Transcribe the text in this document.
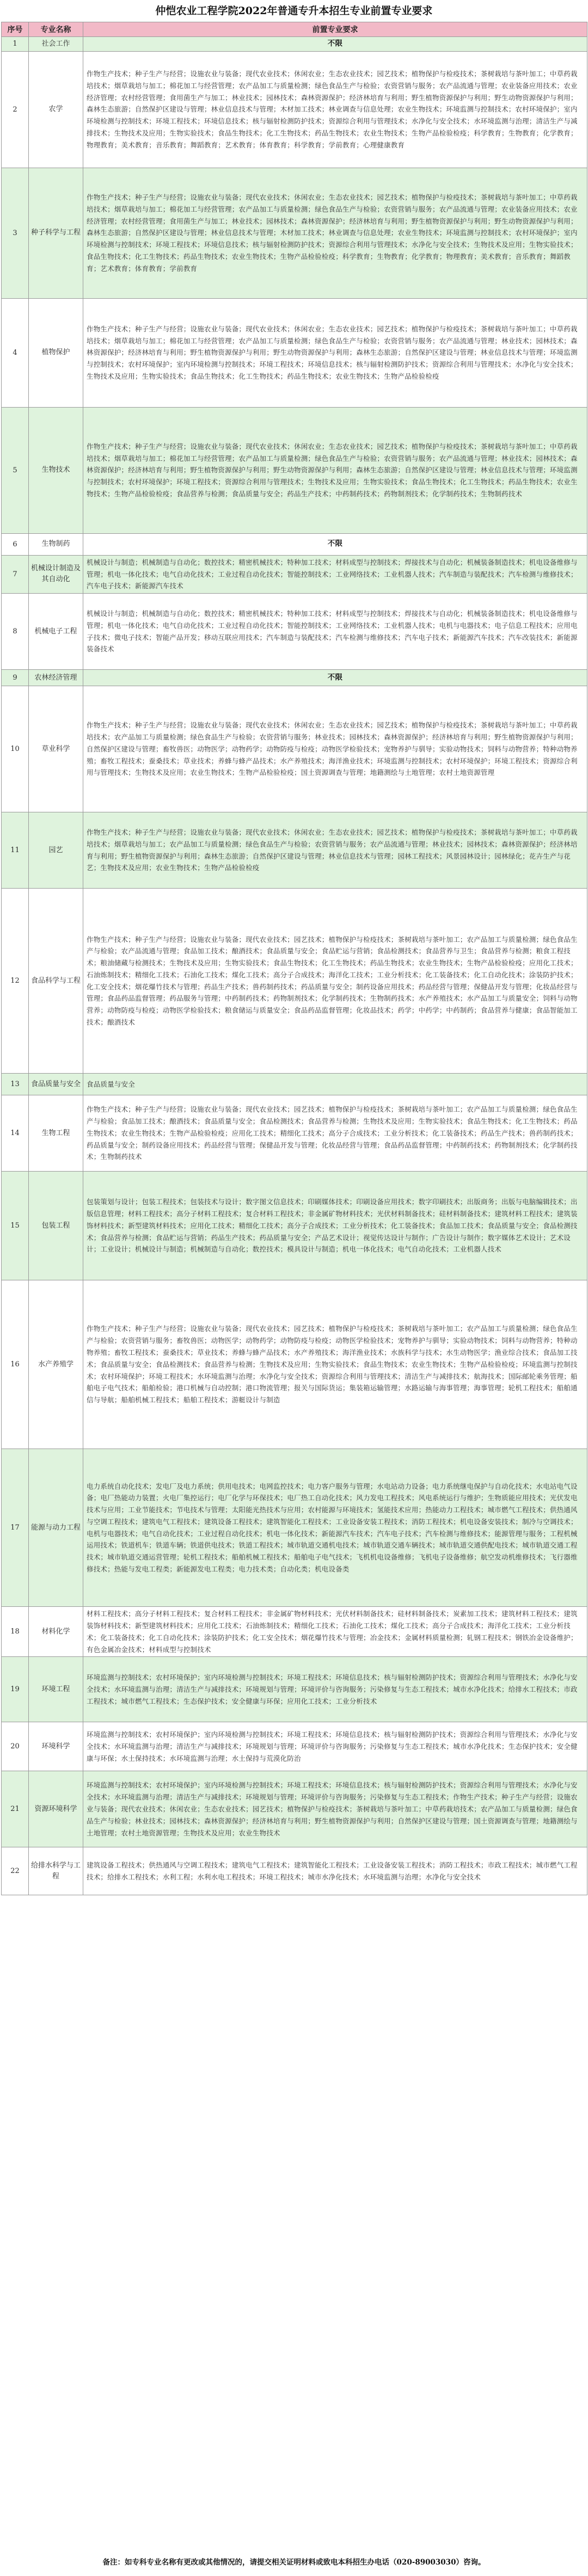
仲恺农业工程学院2022年普通专升本招生专业前置专业要求
序号	专业名称	前置专业要求
1	社会工作	不限
2	农学	作物生产技术；种子生产与经营；设施农业与装备；现代农业技术；休闲农业；生态农业技术；园艺技术；植物保护与检疫技术；茶树栽培与茶叶加工；中草药栽培技术；烟草栽培与加工；棉花加工与经营管理；农产品加工与质量检测；绿色食品生产与检验；农资营销与服务；农产品流通与管理；农业装备应用技术；农业经济管理；农村经营管理；食用菌生产与加工；林业技术；园林技术；森林资源保护；经济林培育与利用；野生植物资源保护与利用；野生动物资源保护与利用；森林生态旅游；自然保护区建设与管理；林业信息技术与管理；木材加工技术；林业调查与信息处理；农业生物技术；环境监测与控制技术；农村环境保护；室内环境检测与控制技术；环境工程技术；环境信息技术；核与辐射检测防护技术；资源综合利用与管理技术；水净化与安全技术；水环境监测与治理；清洁生产与减排技术；生物技术及应用；生物实验技术；食品生物技术；化工生物技术；药品生物技术；农业生物技术；生物产品检验检疫；科学教育；生物教育；化学教育；物理教育；美术教育；音乐教育；舞蹈教育；艺术教育；体育教育；科学教育；学前教育；心理健康教育
3	种子科学与工程	作物生产技术；种子生产与经营；设施农业与装备；现代农业技术；休闲农业；生态农业技术；园艺技术；植物保护与检疫技术；茶树栽培与茶叶加工；中草药栽培技术；烟草栽培与加工；棉花加工与经营管理；农产品加工与质量检测；绿色食品生产与检验；农资营销与服务；农产品流通与管理；农业装备应用技术；农业经济管理；农村经营管理；食用菌生产与加工；林业技术；园林技术；森林资源保护；经济林培育与利用；野生植物资源保护与利用；野生动物资源保护与利用；森林生态旅游；自然保护区建设与管理；林业信息技术与管理；木材加工技术；林业调查与信息处理；农业生物技术；环境监测与控制技术；农村环境保护；室内环境检测与控制技术；环境工程技术；环境信息技术；核与辐射检测防护技术；资源综合利用与管理技术；水净化与安全技术；生物技术及应用；生物实验技术；食品生物技术；化工生物技术；药品生物技术；农业生物技术；生物产品检验检疫；科学教育；生物教育；化学教育；物理教育；美术教育；音乐教育；舞蹈教育；艺术教育；体育教育；学前教育
4	植物保护	作物生产技术；种子生产与经营；设施农业与装备；现代农业技术；休闲农业；生态农业技术；园艺技术；植物保护与检疫技术；茶树栽培与茶叶加工；中草药栽培技术；烟草栽培与加工；棉花加工与经营管理；农产品加工与质量检测；绿色食品生产与检验；农资营销与服务；农产品流通与管理；林业技术；园林技术；森林资源保护；经济林培育与利用；野生植物资源保护与利用；野生动物资源保护与利用；森林生态旅游；自然保护区建设与管理；林业信息技术与管理；环境监测与控制技术；农村环境保护；室内环境检测与控制技术；环境工程技术；环境信息技术；核与辐射检测防护技术；资源综合利用与管理技术；水净化与安全技术；生物技术及应用；生物实验技术；食品生物技术；化工生物技术；药品生物技术；农业生物技术；生物产品检验检疫
5	生物技术	作物生产技术；种子生产与经营；设施农业与装备；现代农业技术；休闲农业；生态农业技术；园艺技术；植物保护与检疫技术；茶树栽培与茶叶加工；中草药栽培技术；烟草栽培与加工；棉花加工与经营管理；农产品加工与质量检测；绿色食品生产与检验；农资营销与服务；农产品流通与管理；林业技术；园林技术；森林资源保护；经济林培育与利用；野生植物资源保护与利用；野生动物资源保护与利用；森林生态旅游；自然保护区建设与管理；林业信息技术与管理；环境监测与控制技术；农村环境保护；环境工程技术；资源综合利用与管理技术；生物技术及应用；生物实验技术；食品生物技术；化工生物技术；药品生物技术；农业生物技术；生物产品检验检疫；食品营养与检测；食品质量与安全；药品生产技术；中药制药技术；药物制剂技术；化学制药技术；生物制药技术
6	生物制药	不限
7	机械设计制造及其自动化	机械设计与制造；机械制造与自动化；数控技术；精密机械技术；特种加工技术；材料成型与控制技术；焊接技术与自动化；机械装备制造技术；机电设备维修与管理；机电一体化技术；电气自动化技术；工业过程自动化技术；智能控制技术；工业网络技术；工业机器人技术；汽车制造与装配技术；汽车检测与维修技术；汽车电子技术；新能源汽车技术
8	机械电子工程	机械设计与制造；机械制造与自动化；数控技术；精密机械技术；特种加工技术；材料成型与控制技术；焊接技术与自动化；机械装备制造技术；机电设备维修与管理；机电一体化技术；电气自动化技术；工业过程自动化技术；智能控制技术；工业网络技术；工业机器人技术；电机与电器技术；电子信息工程技术；应用电子技术；微电子技术；智能产品开发；移动互联应用技术；汽车制造与装配技术；汽车检测与维修技术；汽车电子技术；新能源汽车技术；汽车改装技术；新能源装备技术
9	农林经济管理	不限
10	草业科学	作物生产技术；种子生产与经营；设施农业与装备；现代农业技术；休闲农业；生态农业技术；园艺技术；植物保护与检疫技术；茶树栽培与茶叶加工；中草药栽培技术；农产品加工与质量检测；绿色食品生产与检验；农资营销与服务；林业技术；园林技术；森林资源保护；经济林培育与利用；野生植物资源保护与利用；自然保护区建设与管理；畜牧兽医；动物医学；动物药学；动物防疫与检疫；动物医学检验技术；宠物养护与驯导；实验动物技术；饲料与动物营养；特种动物养殖；畜牧工程技术；蚕桑技术；草业技术；养蜂与蜂产品技术；水产养殖技术；海洋渔业技术；环境监测与控制技术；农村环境保护；环境工程技术；资源综合利用与管理技术；生物技术及应用；农业生物技术；生物产品检验检疫；国土资源调查与管理；地籍测绘与土地管理；农村土地资源管理
11	园艺	作物生产技术；种子生产与经营；设施农业与装备；现代农业技术；休闲农业；生态农业技术；园艺技术；植物保护与检疫技术；茶树栽培与茶叶加工；中草药栽培技术；烟草栽培与加工；农产品加工与质量检测；绿色食品生产与检验；农资营销与服务；农产品流通与管理；林业技术；园林技术；森林资源保护；经济林培育与利用；野生植物资源保护与利用；森林生态旅游；自然保护区建设与管理；林业信息技术与管理；园林工程技术；风景园林设计；园林绿化；花卉生产与花艺；生物技术及应用；农业生物技术；生物产品检验检疫
12	食品科学与工程	作物生产技术；种子生产与经营；设施农业与装备；现代农业技术；园艺技术；植物保护与检疫技术；茶树栽培与茶叶加工；农产品加工与质量检测；绿色食品生产与检验；农产品流通与管理；食品加工技术；酿酒技术；食品质量与安全；食品贮运与营销；食品检测技术；食品营养与卫生；食品营养与检测；粮食工程技术；粮油储藏与检测技术；生物技术及应用；生物实验技术；食品生物技术；化工生物技术；药品生物技术；农业生物技术；生物产品检验检疫；应用化工技术；石油炼制技术；精细化工技术；石油化工技术；煤化工技术；高分子合成技术；海洋化工技术；工业分析技术；化工装备技术；化工自动化技术；涂装防护技术；化工安全技术；烟花爆竹技术与管理；药品生产技术；兽药制药技术；药品质量与安全；制药设备应用技术；药品经营与管理；保健品开发与管理；化妆品经营与管理；食品药品监督管理；药品服务与管理；中药制药技术；药物制剂技术；化学制药技术；生物制药技术；水产养殖技术；水产品加工与质量安全；饲料与动物营养；动物防疫与检疫；动物医学检验技术；粮食储运与质量安全；食品药品监督管理；化妆品技术；药学；中药学；中药制药；食品营养与健康；食品智能加工技术；酿酒技术
13	食品质量与安全	食品质量与安全
14	生物工程	作物生产技术；种子生产与经营；设施农业与装备；现代农业技术；园艺技术；植物保护与检疫技术；茶树栽培与茶叶加工；农产品加工与质量检测；绿色食品生产与检验；食品加工技术；酿酒技术；食品质量与安全；食品检测技术；食品营养与检测；生物技术及应用；生物实验技术；食品生物技术；化工生物技术；药品生物技术；农业生物技术；生物产品检验检疫；应用化工技术；精细化工技术；高分子合成技术；工业分析技术；化工装备技术；药品生产技术；兽药制药技术；药品质量与安全；制药设备应用技术；药品经营与管理；保健品开发与管理；化妆品经营与管理；食品药品监督管理；中药制药技术；药物制剂技术；化学制药技术；生物制药技术
15	包装工程	包装策划与设计；包装工程技术；包装技术与设计；数字图文信息技术；印刷媒体技术；印刷设备应用技术；数字印刷技术；出版商务；出版与电脑编辑技术；出版信息管理；材料工程技术；高分子材料工程技术；复合材料工程技术；非金属矿物材料技术；光伏材料制备技术；硅材料制备技术；建筑材料工程技术；建筑装饰材料技术；新型建筑材料技术；应用化工技术；精细化工技术；高分子合成技术；工业分析技术；化工装备技术；食品加工技术；食品质量与安全；食品检测技术；食品营养与检测；食品贮运与营销；药品生产技术；药品质量与安全；产品艺术设计；视觉传达设计与制作；广告设计与制作；数字媒体艺术设计；艺术设计；工业设计；机械设计与制造；机械制造与自动化；数控技术；模具设计与制造；机电一体化技术；电气自动化技术；工业机器人技术
16	水产养殖学	作物生产技术；种子生产与经营；设施农业与装备；现代农业技术；园艺技术；植物保护与检疫技术；茶树栽培与茶叶加工；农产品加工与质量检测；绿色食品生产与检验；农资营销与服务；畜牧兽医；动物医学；动物药学；动物防疫与检疫；动物医学检验技术；宠物养护与驯导；实验动物技术；饲料与动物营养；特种动物养殖；畜牧工程技术；蚕桑技术；草业技术；养蜂与蜂产品技术；水产养殖技术；海洋渔业技术；水族科学与技术；水生动物医学；渔业综合技术；食品加工技术；食品质量与安全；食品检测技术；食品营养与检测；生物技术及应用；生物实验技术；食品生物技术；农业生物技术；生物产品检验检疫；环境监测与控制技术；农村环境保护；环境工程技术；水环境监测与治理；水净化与安全技术；资源综合利用与管理技术；清洁生产与减排技术；航海技术；国际邮轮乘务管理；船舶电子电气技术；船舶检验；港口机械与自动控制；港口物流管理；报关与国际货运；集装箱运输管理；水路运输与海事管理；海事管理；轮机工程技术；船舶通信与导航；船舶机械工程技术；船舶工程技术；游艇设计与制造
17	能源与动力工程	电力系统自动化技术；发电厂及电力系统；供用电技术；电网监控技术；电力客户服务与管理；水电站动力设备；电力系统继电保护与自动化技术；水电站电气设备；电厂热能动力装置；火电厂集控运行；电厂化学与环保技术；电厂热工自动化技术；风力发电工程技术；风电系统运行与维护；生物质能应用技术；光伏发电技术与应用；工业节能技术；节电技术与管理；太阳能光热技术与应用；农村能源与环境技术；氢能技术应用；热能动力工程技术；城市燃气工程技术；供热通风与空调工程技术；建筑电气工程技术；建筑设备工程技术；建筑智能化工程技术；工业设备安装工程技术；消防工程技术；机电设备安装技术；制冷与空调技术；电机与电器技术；电气自动化技术；工业过程自动化技术；机电一体化技术；新能源汽车技术；汽车电子技术；汽车检测与维修技术；能源管理与服务；工程机械运用技术；铁道机车；铁道车辆；铁道供电技术；铁道工程技术；城市轨道交通机电技术；城市轨道交通车辆技术；城市轨道交通供配电技术；城市轨道交通工程技术；城市轨道交通运营管理；轮机工程技术；船舶机械工程技术；船舶电子电气技术；飞机机电设备维修；飞机电子设备维修；航空发动机维修技术；飞行器维修技术；热能与发电工程类；新能源发电工程类；电力技术类；自动化类；机电设备类
18	材料化学	材料工程技术；高分子材料工程技术；复合材料工程技术；非金属矿物材料技术；光伏材料制备技术；硅材料制备技术；炭素加工技术；建筑材料工程技术；建筑装饰材料技术；新型建筑材料技术；应用化工技术；石油炼制技术；精细化工技术；石油化工技术；煤化工技术；高分子合成技术；海洋化工技术；工业分析技术；化工装备技术；化工自动化技术；涂装防护技术；化工安全技术；烟花爆竹技术与管理；冶金技术；金属材料质量检测；轧钢工程技术；钢铁冶金设备维护；有色金属冶金技术；材料成型与控制技术
19	环境工程	环境监测与控制技术；农村环境保护；室内环境检测与控制技术；环境工程技术；环境信息技术；核与辐射检测防护技术；资源综合利用与管理技术；水净化与安全技术；水环境监测与治理；清洁生产与减排技术；环境规划与管理；环境评价与咨询服务；污染修复与生态工程技术；城市水净化技术；给排水工程技术；市政工程技术；城市燃气工程技术；生态保护技术；安全健康与环保；应用化工技术；工业分析技术
20	环境科学	环境监测与控制技术；农村环境保护；室内环境检测与控制技术；环境工程技术；环境信息技术；核与辐射检测防护技术；资源综合利用与管理技术；水净化与安全技术；水环境监测与治理；清洁生产与减排技术；环境规划与管理；环境评价与咨询服务；污染修复与生态工程技术；城市水净化技术；生态保护技术；安全健康与环保；水土保持技术；水环境监测与治理；水土保持与荒漠化防治
21	资源环境科学	环境监测与控制技术；农村环境保护；室内环境检测与控制技术；环境工程技术；环境信息技术；核与辐射检测防护技术；资源综合利用与管理技术；水净化与安全技术；水环境监测与治理；清洁生产与减排技术；环境规划与管理；环境评价与咨询服务；污染修复与生态工程技术；作物生产技术；种子生产与经营；设施农业与装备；现代农业技术；休闲农业；生态农业技术；园艺技术；植物保护与检疫技术；茶树栽培与茶叶加工；中草药栽培技术；农产品加工与质量检测；绿色食品生产与检验；林业技术；园林技术；森林资源保护；经济林培育与利用；野生植物资源保护与利用；自然保护区建设与管理；国土资源调查与管理；地籍测绘与土地管理；农村土地资源管理；生物技术及应用；农业生物技术
22	给排水科学与工程	建筑设备工程技术；供热通风与空调工程技术；建筑电气工程技术；建筑智能化工程技术；工业设备安装工程技术；消防工程技术；市政工程技术；城市燃气工程技术；给排水工程技术；水利工程；水利水电工程技术；环境工程技术；城市水净化技术；水环境监测与治理；水净化与安全技术
备注：如专科专业名称有更改或其他情况的，请提交相关证明材料或致电本科招生办电话（020-89003030）咨询。
